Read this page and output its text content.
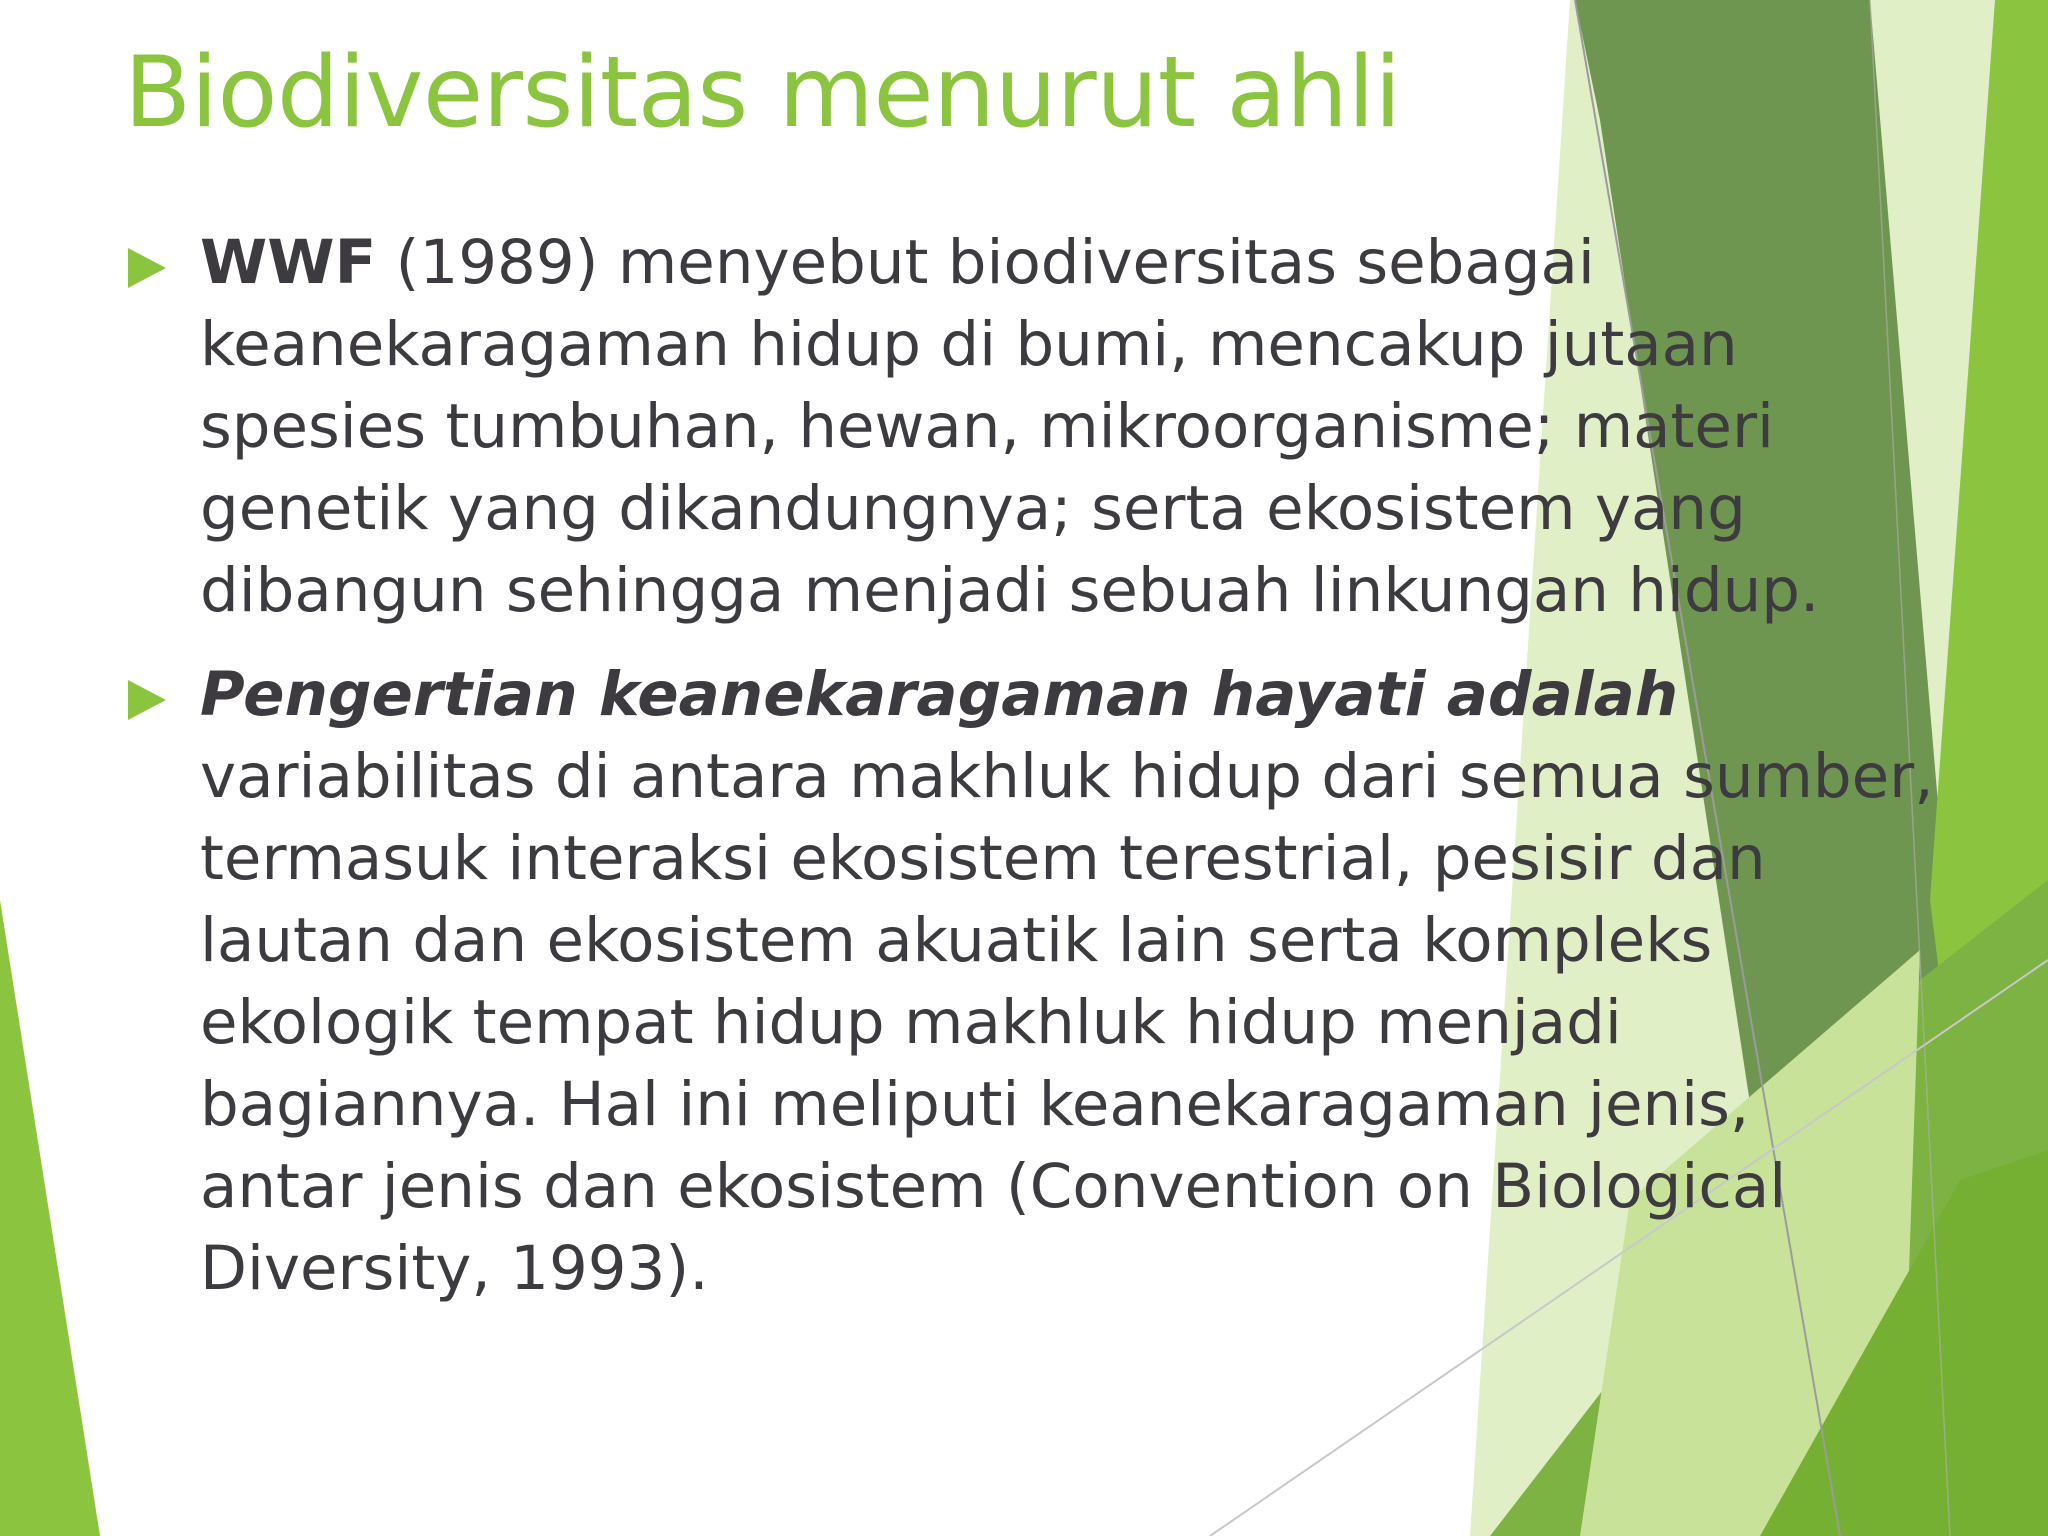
Biodiversitas menurut ahli

WWF (1989) menyebut biodiversitas sebagai
keanekaragaman hidup di bumi, mencakup jutaan
spesies tumbuhan, hewan, mikroorganisme; materi
genetik yang dikandungnya; serta ekosistem yang
dibangun sehingga menjadi sebuah linkungan hidup.

Pengertian keanekaragaman hayati adalah
variabilitas di antara makhluk hidup dari semua sumber,
termasuk interaksi ekosistem terestrial, pesisir dan
lautan dan ekosistem akuatik lain serta kompleks
ekologik tempat hidup makhluk hidup menjadi
bagiannya. Hal ini meliputi keanekaragaman jenis,
antar jenis dan ekosistem (Convention on Biological
Diversity, 1993).
